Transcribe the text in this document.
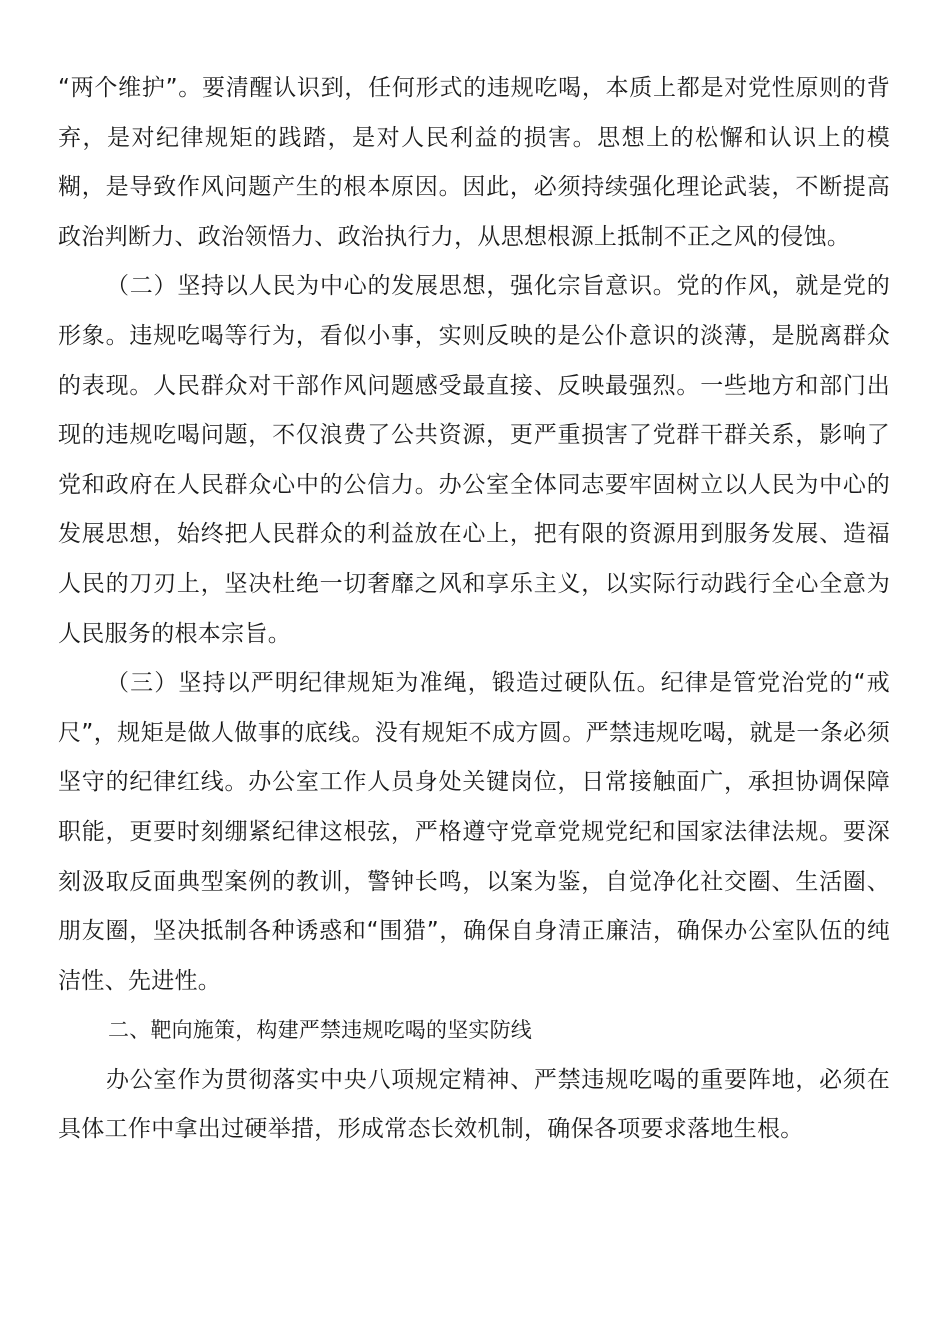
“两个维护”。要清醒认识到，任何形式的违规吃喝，本质上都是对党性原则的背弃，是对纪律规矩的践踏，是对人民利益的损害。思想上的松懈和认识上的模糊，是导致作风问题产生的根本原因。因此，必须持续强化理论武装，不断提高政治判断力、政治领悟力、政治执行力，从思想根源上抵制不正之风的侵蚀。

（二）坚持以人民为中心的发展思想，强化宗旨意识。党的作风，就是党的形象。违规吃喝等行为，看似小事，实则反映的是公仆意识的淡薄，是脱离群众的表现。人民群众对干部作风问题感受最直接、反映最强烈。一些地方和部门出现的违规吃喝问题，不仅浪费了公共资源，更严重损害了党群干群关系，影响了党和政府在人民群众心中的公信力。办公室全体同志要牢固树立以人民为中心的发展思想，始终把人民群众的利益放在心上，把有限的资源用到服务发展、造福人民的刀刃上，坚决杜绝一切奢靡之风和享乐主义，以实际行动践行全心全意为人民服务的根本宗旨。

（三）坚持以严明纪律规矩为准绳，锻造过硬队伍。纪律是管党治党的“戒尺”，规矩是做人做事的底线。没有规矩不成方圆。严禁违规吃喝，就是一条必须坚守的纪律红线。办公室工作人员身处关键岗位，日常接触面广，承担协调保障职能，更要时刻绷紧纪律这根弦，严格遵守党章党规党纪和国家法律法规。要深刻汲取反面典型案例的教训，警钟长鸣，以案为鉴，自觉净化社交圈、生活圈、朋友圈，坚决抵制各种诱惑和“围猎”，确保自身清正廉洁，确保办公室队伍的纯洁性、先进性。

二、靶向施策，构建严禁违规吃喝的坚实防线

办公室作为贯彻落实中央八项规定精神、严禁违规吃喝的重要阵地，必须在具体工作中拿出过硬举措，形成常态长效机制，确保各项要求落地生根。
